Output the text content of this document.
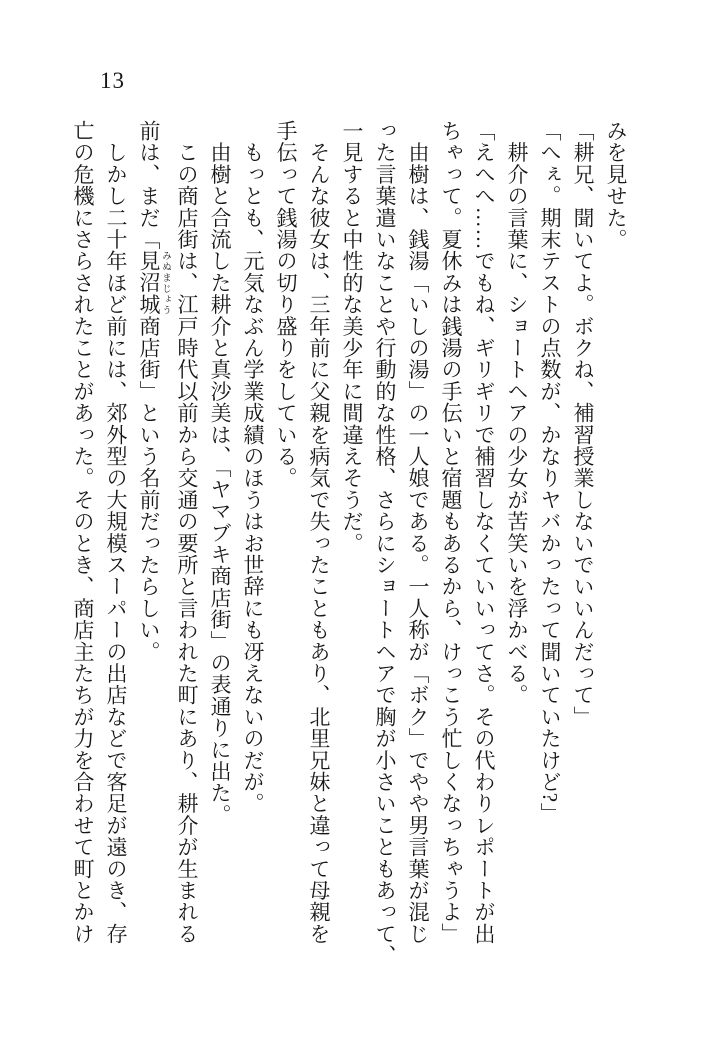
13

みを見せた。

「耕兄、聞いてよ。ボクね、補習授業しないでいいんだって」

「へぇ。期末テストの点数が、かなりヤバかったって聞いていたけど?」

　耕介の言葉に、ショートヘアの少女が苦笑いを浮かべる。

「えへへ……でもね、ギリギリで補習しなくていいってさ。その代わりレポートが出

ちゃって。夏休みは銭湯の手伝いと宿題もあるから、けっこう忙しくなっちゃうよ」

　由樹は、銭湯「いしの湯」の一人娘である。一人称が「ボク」でやや男言葉が混じ

った言葉遣いなことや行動的な性格、さらにショートヘアで胸が小さいこともあって、

一見すると中性的な美少年に間違えそうだ。

　そんな彼女は、三年前に父親を病気で失ったこともあり、北里兄妹と違って母親を

手伝って銭湯の切り盛りをしている。

　もっとも、元気なぶん学業成績のほうはお世辞にも冴えないのだが。

　由樹と合流した耕介と真沙美は、「ヤマブキ商店街」の表通りに出た。

　この商店街は、江戸時代以前から交通の要所と言われた町にあり、耕介が生まれる

前は、まだ「見沼城 みぬまじょう商店街」という名前だったらしい。

　しかし二十年ほど前には、郊外型の大規模スーパーの出店などで客足が遠のき、存

亡の危機にさらされたことがあった。そのとき、商店主たちが力を合わせて町とかけ
